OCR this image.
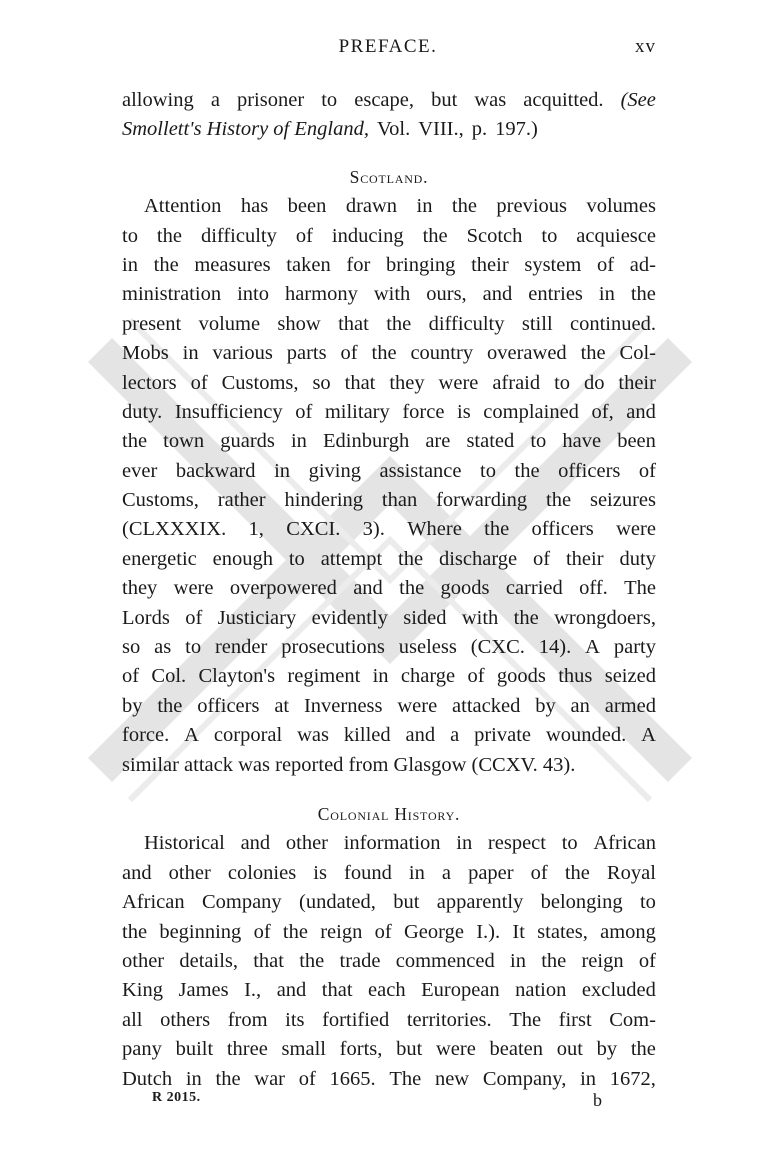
PREFACE.	xv
allowing a prisoner to escape, but was acquitted. (See
Smollett's History of England, Vol. VIII., p. 197.)
Scotland.
Attention has been drawn in the previous volumes
to the difficulty of inducing the Scotch to acquiesce
in the measures taken for bringing their system of ad-
ministration into harmony with ours, and entries in the
present volume show that the difficulty still continued.
Mobs in various parts of the country overawed the Col-
lectors of Customs, so that they were afraid to do their
duty. Insufficiency of military force is complained of, and
the town guards in Edinburgh are stated to have been
ever backward in giving assistance to the officers of
Customs, rather hindering than forwarding the seizures
(CLXXXIX. 1, CXCI. 3). Where the officers were
energetic enough to attempt the discharge of their duty
they were overpowered and the goods carried off. The
Lords of Justiciary evidently sided with the wrongdoers,
so as to render prosecutions useless (CXC. 14). A party
of Col. Clayton's regiment in charge of goods thus seized
by the officers at Inverness were attacked by an armed
force. A corporal was killed and a private wounded. A
similar attack was reported from Glasgow (CCXV. 43).
Colonial History.
Historical and other information in respect to African
and other colonies is found in a paper of the Royal
African Company (undated, but apparently belonging to
the beginning of the reign of George I.). It states, among
other details, that the trade commenced in the reign of
King James I., and that each European nation excluded
all others from its fortified territories. The first Com-
pany built three small forts, but were beaten out by the
Dutch in the war of 1665. The new Company, in 1672,
R 2015.	b
